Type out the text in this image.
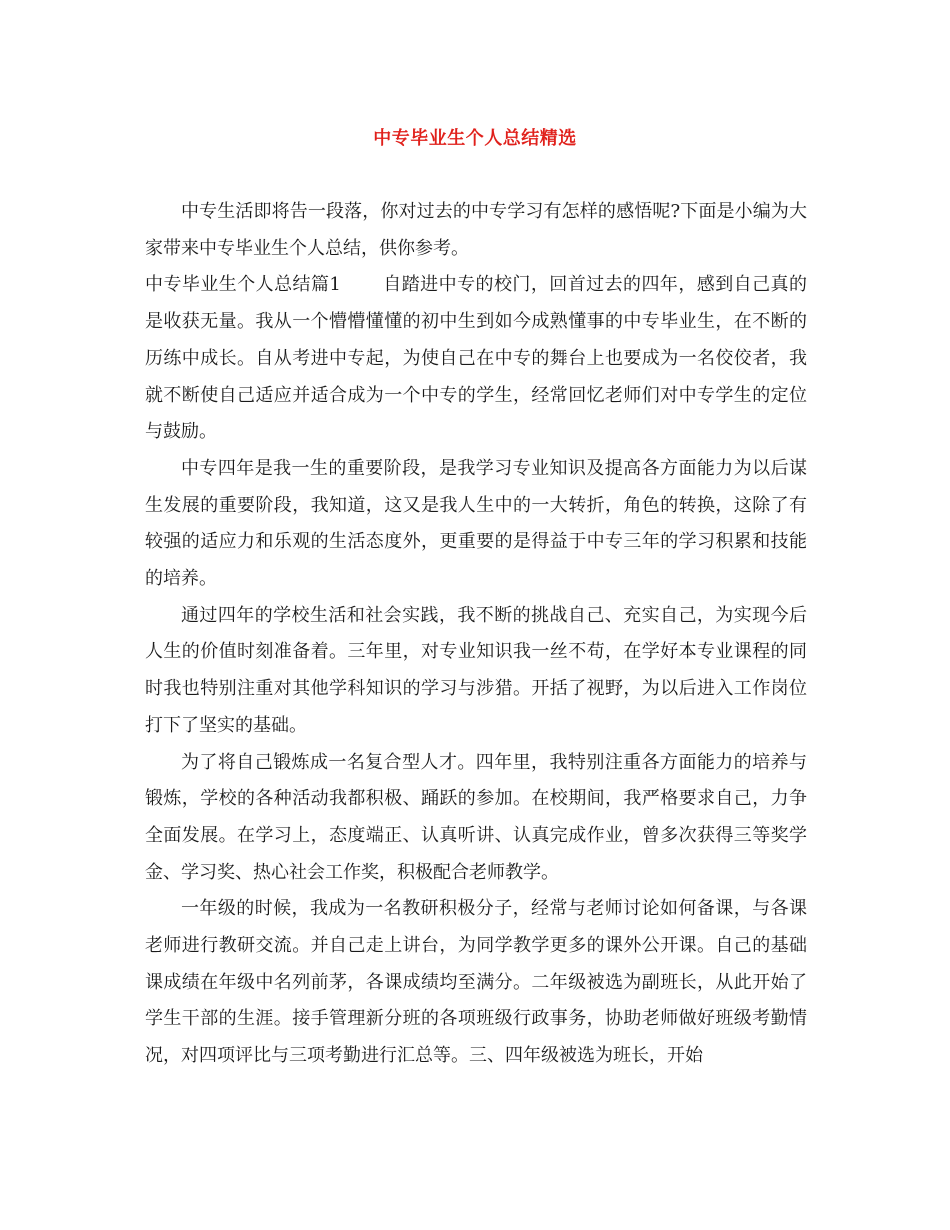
中专毕业生个人总结精选

中专生活即将告一段落，你对过去的中专学习有怎样的感悟呢?下面是小编为大家带来中专毕业生个人总结，供你参考。

中专毕业生个人总结篇1 自踏进中专的校门，回首过去的四年，感到自己真的是收获无量。我从一个懵懵懂懂的初中生到如今成熟懂事的中专毕业生，在不断的历练中成长。自从考进中专起，为使自己在中专的舞台上也要成为一名佼佼者，我就不断使自己适应并适合成为一个中专的学生，经常回忆老师们对中专学生的定位与鼓励。

中专四年是我一生的重要阶段，是我学习专业知识及提高各方面能力为以后谋生发展的重要阶段，我知道，这又是我人生中的一大转折，角色的转换，这除了有较强的适应力和乐观的生活态度外，更重要的是得益于中专三年的学习积累和技能的培养。

通过四年的学校生活和社会实践，我不断的挑战自己、充实自己，为实现今后人生的价值时刻准备着。三年里，对专业知识我一丝不苟，在学好本专业课程的同时我也特别注重对其他学科知识的学习与涉猎。开括了视野，为以后进入工作岗位打下了坚实的基础。

为了将自己锻炼成一名复合型人才。四年里，我特别注重各方面能力的培养与锻炼，学校的各种活动我都积极、踊跃的参加。在校期间，我严格要求自己，力争全面发展。在学习上，态度端正、认真听讲、认真完成作业，曾多次获得三等奖学金、学习奖、热心社会工作奖，积极配合老师教学。

一年级的时候，我成为一名教研积极分子，经常与老师讨论如何备课，与各课老师进行教研交流。并自己走上讲台，为同学教学更多的课外公开课。自己的基础课成绩在年级中名列前茅，各课成绩均至满分。二年级被选为副班长，从此开始了学生干部的生涯。接手管理新分班的各项班级行政事务，协助老师做好班级考勤情况，对四项评比与三项考勤进行汇总等。三、四年级被选为班长，开始
